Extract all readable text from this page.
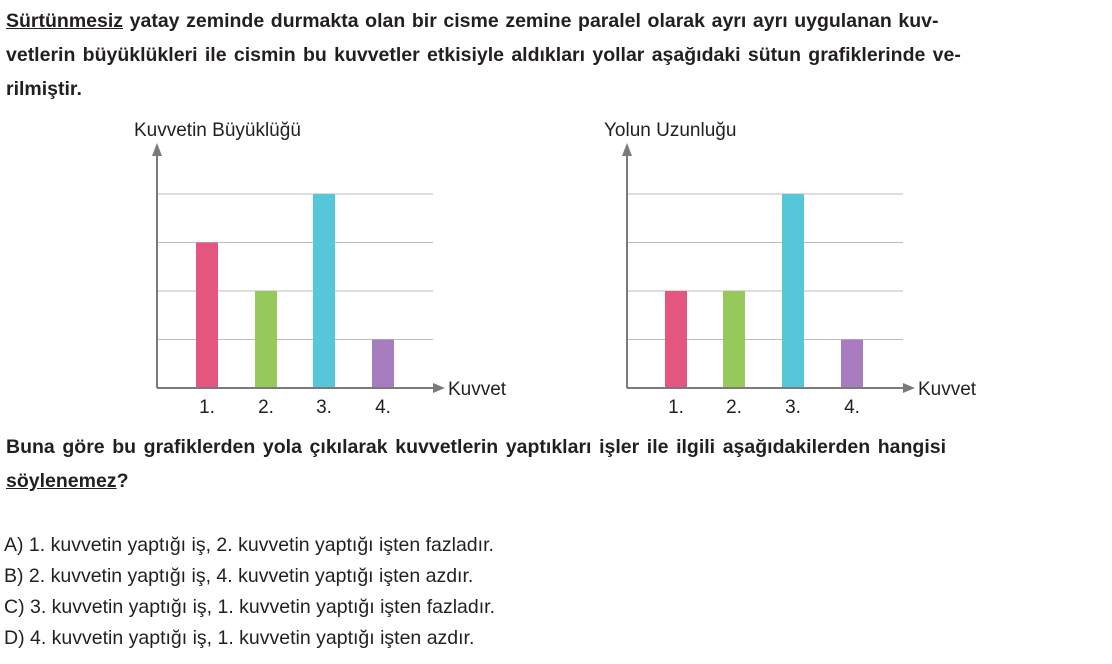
Sürtünmesiz yatay zeminde durmakta olan bir cisme zemine paralel olarak ayrı ayrı uygulanan kuv-
vetlerin büyüklükleri ile cismin bu kuvvetler etkisiyle aldıkları yollar aşağıdaki sütun grafiklerinde ve-
rilmiştir.

Kuvvetin Büyüklüğü
Kuvvet
1. 2. 3. 4.
Yolun Uzunluğu
Kuvvet
1. 2. 3. 4.

Buna göre bu grafiklerden yola çıkılarak kuvvetlerin yaptıkları işler ile ilgili aşağıdakilerden hangisi
söylenemez?

A) 1. kuvvetin yaptığı iş, 2. kuvvetin yaptığı işten fazladır.
B) 2. kuvvetin yaptığı iş, 4. kuvvetin yaptığı işten azdır.
C) 3. kuvvetin yaptığı iş, 1. kuvvetin yaptığı işten fazladır.
D) 4. kuvvetin yaptığı iş, 1. kuvvetin yaptığı işten azdır.
